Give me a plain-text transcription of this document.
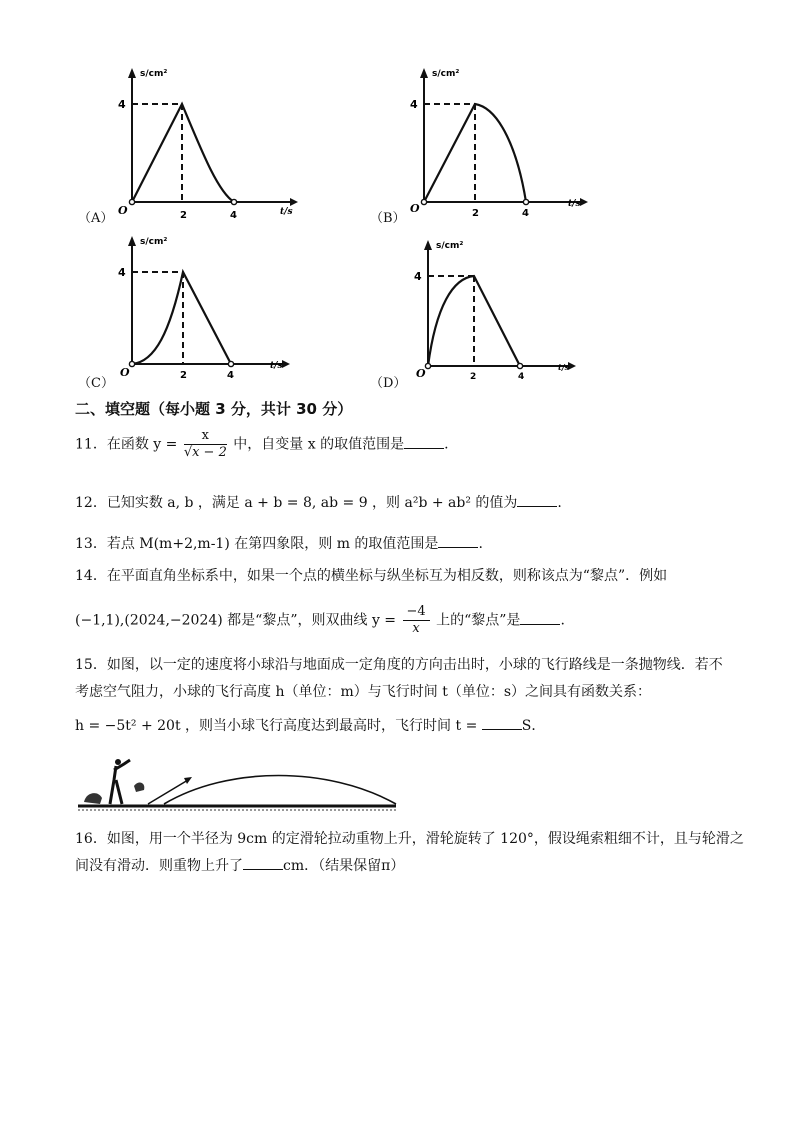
s/cm²
t/s
4
2	4
O
（A）
s/cm²
t/s
4
2	4
O
（B）
s/cm²
t/s
4
2	4
O
（C）
s/cm²
t/s
4
2	4
O
（D）
二、填空题（每小题 3 分，共计 30 分）
11．在函数 $y = \frac{x}{√x - 2}$ 中，自变量 x 的取值范围是	.
12．已知实数 a, b ，满足 a + b = 8, ab = 9 ，则 a²b + ab² 的值为	.
13．若点 M(m+2,m-1) 在第四象限，则 m 的取值范围是	.
14．在平面直角坐标系中，如果一个点的横坐标与纵坐标互为相反数，则称该点为“黎点”．例如
(−1,1),(2024,−2024) 都是“黎点”，则双曲线 $y = \frac{-4}{x}$ 上的“黎点”是	.
15．如图，以一定的速度将小球沿与地面成一定角度的方向击出时，小球的飞行路线是一条抛物线．若不
考虑空气阻力，小球的飞行高度 h（单位：m）与飞行时间 t（单位：s）之间具有函数关系：
h = −5t² + 20t ，则当小球飞行高度达到最高时，飞行时间 t =	S．
16．如图，用一个半径为 9cm 的定滑轮拉动重物上升，滑轮旋转了 120°，假设绳索粗细不计，且与轮滑之
间没有滑动．则重物上升了	cm．（结果保留π）
